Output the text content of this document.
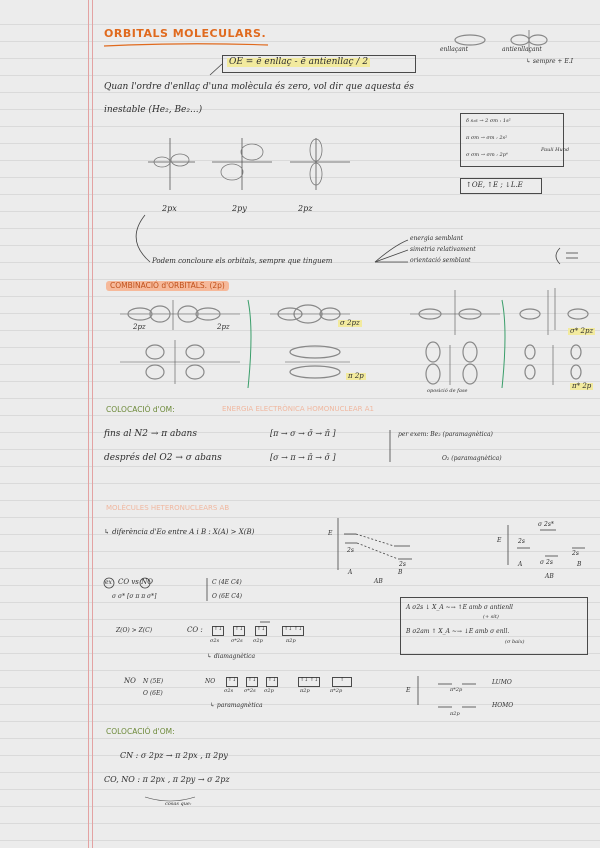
ORBITALS MOLECULARS.
enllaçant	antienllaçant
↳ sempre + E.I
OE = ē enllaç - ē antienllaç / 2
Quan l'ordre d'enllaç d'una molècula és zero, vol dir que aquesta és
inestable (He₂, Be₂...)
δ s₁s → 2 σm : 1s²
π σm → σm : 2s²
σ σm → σm : 2p⁶
Pauli Hund
↑OE, ↑E ; ↓L.E
2px	2py	2pz
Podem concloure els orbitals, sempre que tinguem
energia semblant
simetria relativament
orientació semblant
COMBINACIÓ d'ORBITALS. (2p)
2pz	2pz	σ 2pz
π 2p
σ* 2pz
π* 2p
oposició de fase
COLOCACIÓ d'OM:	ENERGIA ELECTRÒNICA HOMONUCLEAR A1
fins al N2 → π abans	[π → σ → σ̄ → π̄ ]
després del O2 → σ abans	[σ → π → π̄ → σ̄ ]
per exem: Be₂ (paramagnètica)
O₂ (paramagnètica)
MOLÈCULES HETERONUCLEARS AB
↳ diferència d'Eo entre A i B : X(A) > X(B)	E
2s
2s
A	B
AB
E	2s
σ 2s*
σ 2s
2s
A	B
AB
ex CO vs NO
σ σ* [σ π π σ*]
C (4E C4)
O (6E C4)
A σ2s ↓ X_A ~→ ↑E amb σ antienll
(+ sit)
B σ2am ↑ X_A ~→ ↓E amb σ enll.
(σ baix)
Z(O) > Z(C)	CO :	↑↓	↑↓	↑↓	↑↓ ↑↓
σ2s σ*2s σ2p	π2p
↳ diamagnètica
NO N (5E)
O (6E)
NO	↑↓	↑↓	↑↓	↑↓ ↑↓	↑
σ2s σ*2s σ2p	π2p	π*2p
↳ paramagnètica
E	π*2p
π2p
LUMO
HOMO
COLOCACIÓ d'OM:
CN : σ 2pz → π 2px , π 2py
CO, NO : π 2px , π 2py → σ 2pz
cosas que:
